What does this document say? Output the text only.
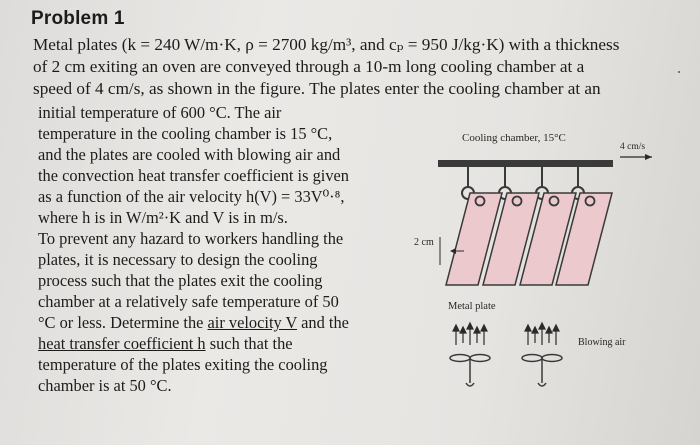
Problem 1
Metal plates (k = 240 W/m·K, ρ = 2700 kg/m³, and cₚ = 950 J/kg·K) with a thickness
of 2 cm exiting an oven are conveyed through a 10-m long cooling chamber at a
speed of 4 cm/s, as shown in the figure. The plates enter the cooling chamber at an
initial temperature of 600 °C. The air
temperature in the cooling chamber is 15 °C,
and the plates are cooled with blowing air and
the convection heat transfer coefficient is given
as a function of the air velocity h(V) = 33V⁰·⁸,
where h is in W/m²·K and V is in m/s.
To prevent any hazard to workers handling the
plates, it is necessary to design the cooling
process such that the plates exit the cooling
chamber at a relatively safe temperature of 50
°C or less. Determine the air velocity V and the
heat transfer coefficient h such that the
temperature of the plates exiting the cooling
chamber is at 50 °C.
Cooling chamber, 15°C
4 cm/s
2 cm
Metal plate
Blowing air
